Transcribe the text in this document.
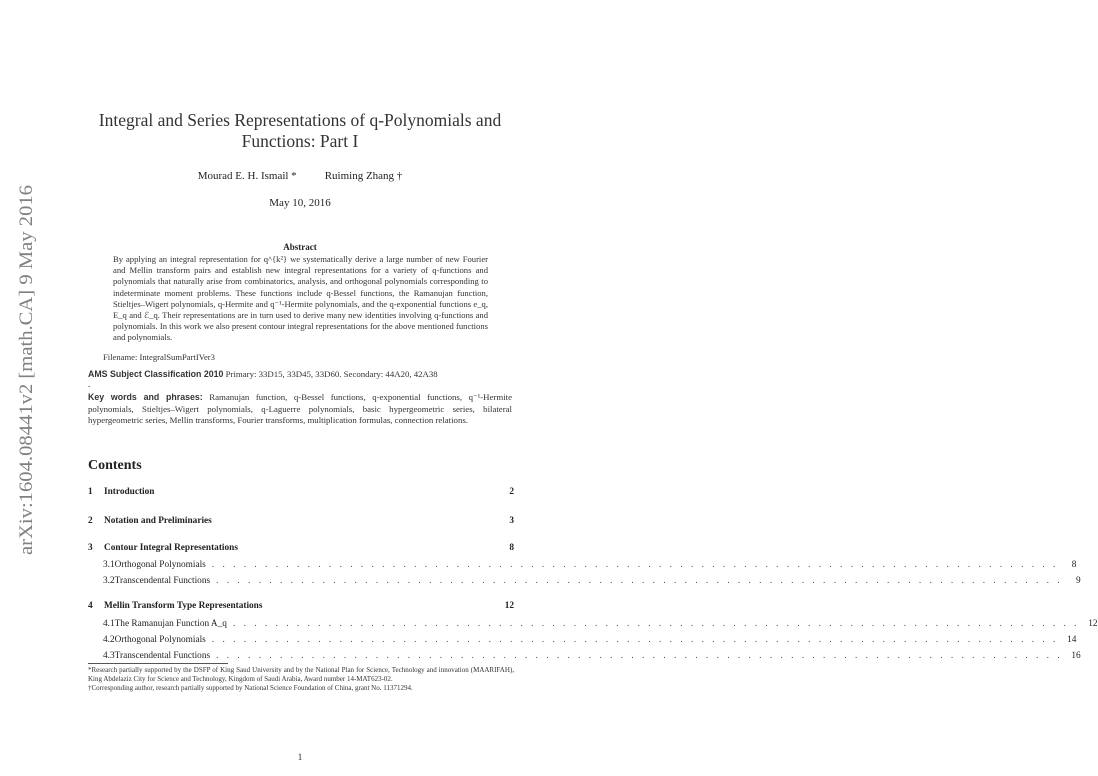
arXiv:1604.08441v2 [math.CA] 9 May 2016
Integral and Series Representations of q-Polynomials and Functions: Part I
Mourad E. H. Ismail *	Ruiming Zhang †
May 10, 2016
Abstract
By applying an integral representation for q^{k²} we systematically derive a large number of new Fourier and Mellin transform pairs and establish new integral representations for a variety of q-functions and polynomials that naturally arise from combinatorics, analysis, and orthogonal polynomials corresponding to indeterminate moment problems. These functions include q-Bessel functions, the Ramanujan function, Stieltjes–Wigert polynomials, q-Hermite and q⁻¹-Hermite polynomials, and the q-exponential functions e_q, E_q and ℰ_q. Their representations are in turn used to derive many new identities involving q-functions and polynomials. In this work we also present contour integral representations for the above mentioned functions and polynomials.
Filename: IntegralSumPartIVer3
AMS Subject Classification 2010 Primary: 33D15, 33D45, 33D60. Secondary: 44A20, 42A38
.
Key words and phrases: Ramanujan function, q-Bessel functions, q-exponential functions, q⁻¹-Hermite polynomials, Stieltjes–Wigert polynomials, q-Laguerre polynomials, basic hypergeometric series, bilateral hypergeometric series, Mellin transforms, Fourier transforms, multiplication formulas, connection relations.
Contents
1	Introduction	2
2	Notation and Preliminaries	3
3	Contour Integral Representations	8
3.1 Orthogonal Polynomials . . . . . . . . . . . . . . . . . . . . . . . . . . . . . . . . . . . . . . . . . . . . . . . . . . . . . . . . . . . . . . . . . . . . . . . . . . . . . . . .	8
3.2 Transcendental Functions . . . . . . . . . . . . . . . . . . . . . . . . . . . . . . . . . . . . . . . . . . . . . . . . . . . . . . . . . . . . . . . . . . . . . . . . . . . . . . . .	9
4	Mellin Transform Type Representations	12
4.1 The Ramanujan Function A_q . . . . . . . . . . . . . . . . . . . . . . . . . . . . . . . . . . . . . . . . . . . . . . . . . . . . . . . . . . . . . . . . . . . . . . . . . . . . . . . . 12
4.2 Orthogonal Polynomials . . . . . . . . . . . . . . . . . . . . . . . . . . . . . . . . . . . . . . . . . . . . . . . . . . . . . . . . . . . . . . . . . . . . . . . . . . . . . . . . 14
4.3 Transcendental Functions . . . . . . . . . . . . . . . . . . . . . . . . . . . . . . . . . . . . . . . . . . . . . . . . . . . . . . . . . . . . . . . . . . . . . . . . . . . . . . . . 16

*Research partially supported by the DSFP of King Saud University and by the National Plan for Science, Technology and innovation (MAARIFAH), King Abdelaziz City for Science and Technology, Kingdom of Saudi Arabia, Award number 14-MAT623-02.

†Corresponding author, research partially supported by National Science Foundation of China, grant No. 11371294.

1
